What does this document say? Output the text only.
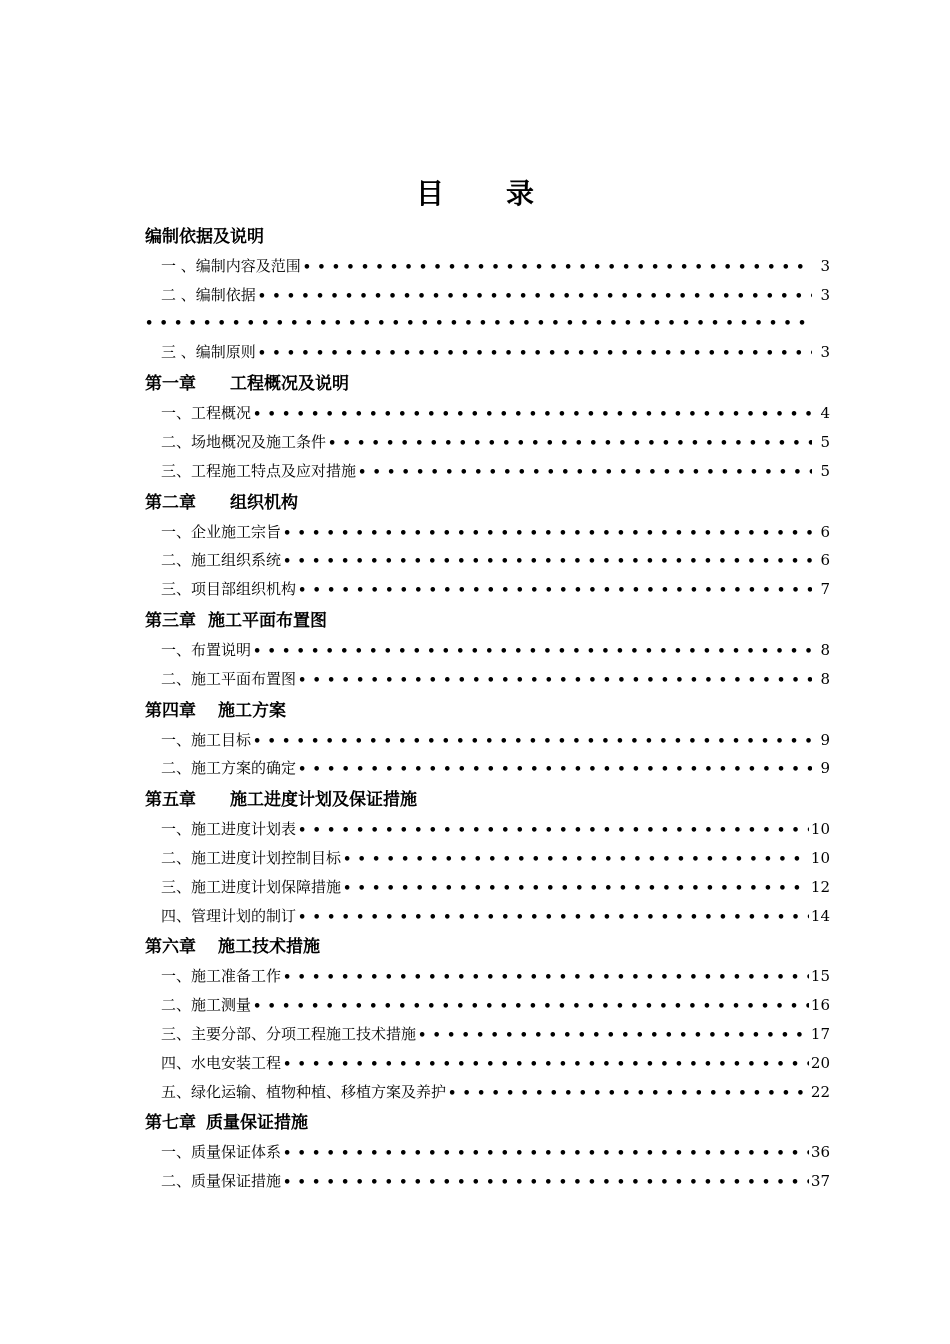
目 录
编制依据及说明
一 、编制内容及范围 •••••	3
二 、编制依据 •••••	3
•••••
三 、编制原则 •••••	3
第一章 工程概况及说明
一、工程概况 •••••	4
二、场地概况及施工条件 •••••	5
三、工程施工特点及应对措施 •••••	5
第二章 组织机构
一、企业施工宗旨 •••••	6
二、施工组织系统 •••••	6
三、项目部组织机构 •••••	7
第三章 施工平面布置图
一、布置说明 •••••	8
二、施工平面布置图 •••••	8
第四章 施工方案
一、施工目标 •••••	9
二、施工方案的确定 •••••	9
第五章 施工进度计划及保证措施
一、施工进度计划表 •••••	10
二、施工进度计划控制目标 •••••	10
三、施工进度计划保障措施 •••••	12
四、管理计划的制订 •••••	14
第六章 施工技术措施
一、施工准备工作 •••••	15
二、施工测量 •••••	16
三、主要分部、分项工程施工技术措施 •••••	17
四、水电安装工程 •••••	20
五、绿化运输、植物种植、移植方案及养护 •••••	22
第七章 质量保证措施
一、质量保证体系 •••••	36
二、质量保证措施 •••••	37
